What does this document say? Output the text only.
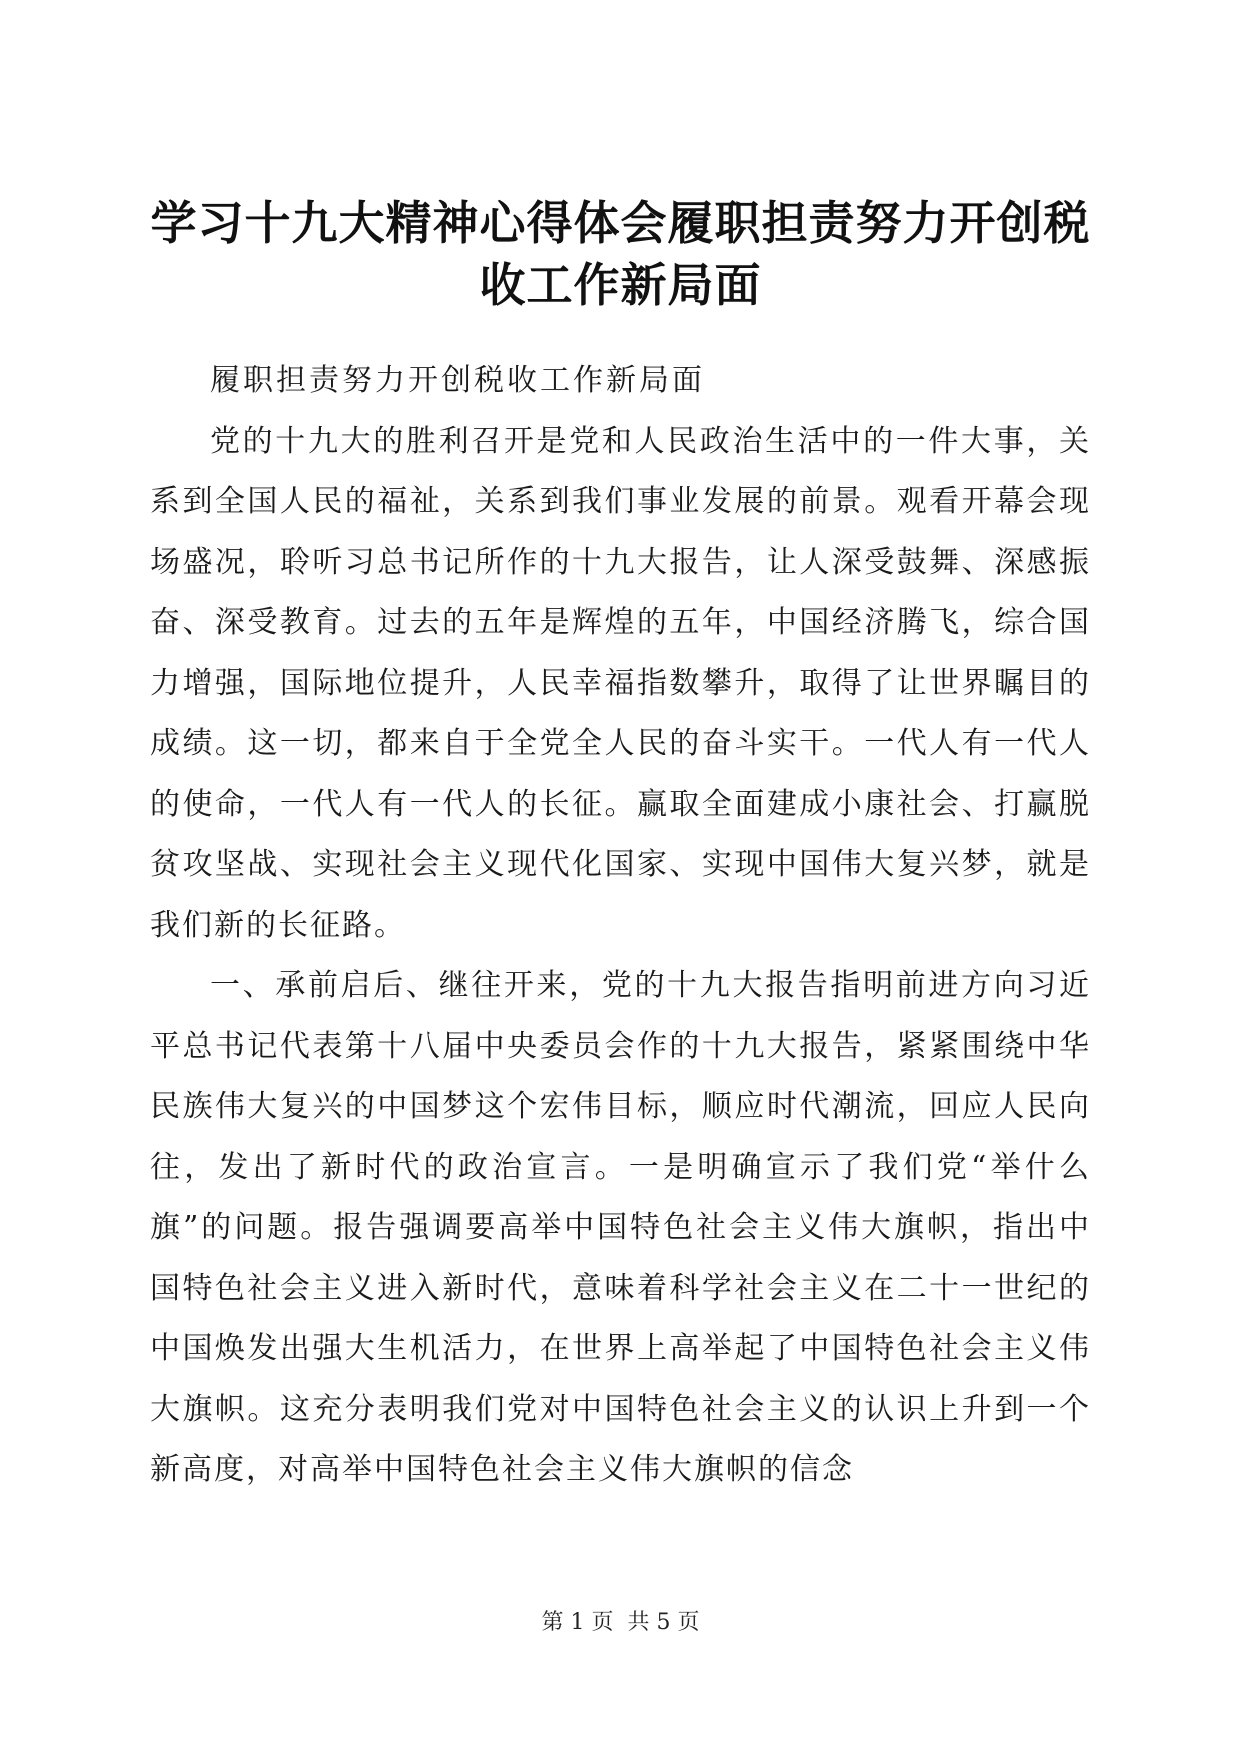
学习十九大精神心得体会履职担责努力开创税
收工作新局面

履职担责努力开创税收工作新局面

党的十九大的胜利召开是党和人民政治生活中的一件大事，关系到全国人民的福祉，关系到我们事业发展的前景。观看开幕会现场盛况，聆听习总书记所作的十九大报告，让人深受鼓舞、深感振奋、深受教育。过去的五年是辉煌的五年，中国经济腾飞，综合国力增强，国际地位提升，人民幸福指数攀升，取得了让世界瞩目的成绩。这一切，都来自于全党全人民的奋斗实干。一代人有一代人的使命，一代人有一代人的长征。赢取全面建成小康社会、打赢脱贫攻坚战、实现社会主义现代化国家、实现中国伟大复兴梦，就是我们新的长征路。

一、承前启后、继往开来，党的十九大报告指明前进方向习近平总书记代表第十八届中央委员会作的十九大报告，紧紧围绕中华民族伟大复兴的中国梦这个宏伟目标，顺应时代潮流，回应人民向往，发出了新时代的政治宣言。一是明确宣示了我们党“举什么旗”的问题。报告强调要高举中国特色社会主义伟大旗帜，指出中国特色社会主义进入新时代，意味着科学社会主义在二十一世纪的中国焕发出强大生机活力，在世界上高举起了中国特色社会主义伟大旗帜。这充分表明我们党对中国特色社会主义的认识上升到一个新高度，对高举中国特色社会主义伟大旗帜的信念

第 1 页  共 5 页
